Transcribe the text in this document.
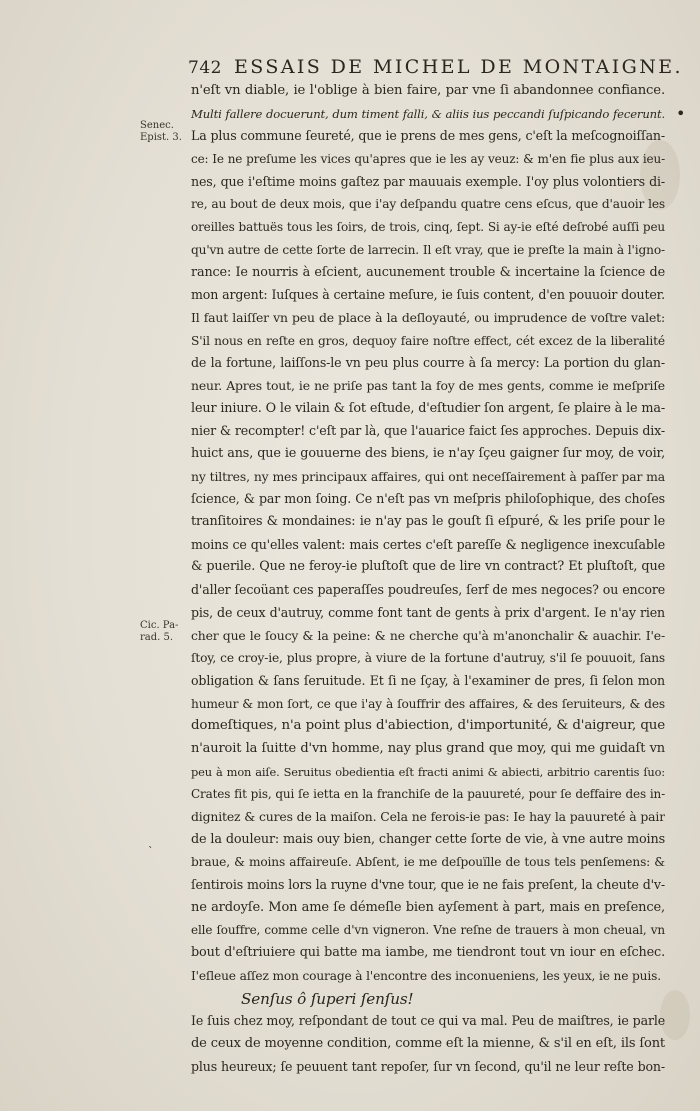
742 ESSAIS DE MICHEL DE MONTAIGNE.
Senec.
Epist. 3.
Cic. Pa-
rad. 5.
•
`
n'eſt vn diable, ie l'oblige à bien faire, par vne ſi abandonnee confiance.
Multi fallere docuerunt, dum timent falli, & aliis ius peccandi ſuſpicando fecerunt.
La plus commune ſeureté, que ie prens de mes gens, c'eſt la meſcognoiſſan-
ce: Ie ne preſume les vices qu'apres que ie les ay veuz: & m'en fie plus aux ieu-
nes, que i'eſtime moins gaſtez par mauuais exemple. I'oy plus volontiers di-
re, au bout de deux mois, que i'ay deſpandu quatre cens eſcus, que d'auoir les
oreilles battuës tous les ſoirs, de trois, cinq, ſept. Si ay-ie eſté deſrobé auſſi peu
qu'vn autre de cette ſorte de larrecin. Il eſt vray, que ie preſte la main à l'igno-
rance: Ie nourris à eſcient, aucunement trouble & incertaine la ſcience de
mon argent: Iuſques à certaine meſure, ie ſuis content, d'en pouuoir douter.
Il faut laiſſer vn peu de place à la deſloyauté, ou imprudence de voſtre valet:
S'il nous en reſte en gros, dequoy faire noſtre effect, cét excez de la liberalité
de la fortune, laiſſons-le vn peu plus courre à ſa mercy: La portion du glan-
neur. Apres tout, ie ne priſe pas tant la foy de mes gents, comme ie meſpriſe
leur iniure. O le vilain & ſot eſtude, d'eſtudier ſon argent, ſe plaire à le ma-
nier & recompter! c'eſt par là, que l'auarice faict ſes approches. Depuis dix-
huict ans, que ie gouuerne des biens, ie n'ay ſçeu gaigner ſur moy, de voir,
ny tiltres, ny mes principaux affaires, qui ont neceſſairement à paſſer par ma
ſcience, & par mon ſoing. Ce n'eſt pas vn meſpris philoſophique, des choſes
tranſitoires & mondaines: ie n'ay pas le gouſt ſi eſpuré, & les priſe pour le
moins ce qu'elles valent: mais certes c'eſt pareſſe & negligence inexcuſable
& puerile. Que ne feroy-ie pluſtoſt que de lire vn contract? Et pluſtoſt, que
d'aller ſecoüant ces paperaſſes poudreuſes, ſerf de mes negoces? ou encore
pis, de ceux d'autruy, comme font tant de gents à prix d'argent. Ie n'ay rien
cher que le ſoucy & la peine: & ne cherche qu'à m'anonchalir & auachir. I'e-
ſtoy, ce croy-ie, plus propre, à viure de la fortune d'autruy, s'il ſe pouuoit, ſans
obligation & ſans ſeruitude. Et ſi ne ſçay, à l'examiner de pres, ſi ſelon mon
humeur & mon ſort, ce que i'ay à ſouffrir des affaires, & des ſeruiteurs, & des
domeſtiques, n'a point plus d'abiection, d'importunité, & d'aigreur, que
n'auroit la ſuitte d'vn homme, nay plus grand que moy, qui me guidaſt vn
peu à mon aiſe. Seruitus obedientia eſt fracti animi & abiecti, arbitrio carentis ſuo:
Crates fit pis, qui ſe ietta en la franchiſe de la pauureté, pour ſe deffaire des in-
dignitez & cures de la maiſon. Cela ne ferois-ie pas: Ie hay la pauureté à pair
de la douleur: mais ouy bien, changer cette ſorte de vie, à vne autre moins
braue, & moins affaireuſe. Abſent, ie me deſpouïlle de tous tels penſemens: &
ſentirois moins lors la ruyne d'vne tour, que ie ne fais preſent, la cheute d'v-
ne ardoyſe. Mon ame ſe démeſle bien ayſement à part, mais en preſence,
elle ſouffre, comme celle d'vn vigneron. Vne reſne de trauers à mon cheual, vn
bout d'eſtriuiere qui batte ma iambe, me tiendront tout vn iour en eſchec.
I'eſleue aſſez mon courage à l'encontre des inconueniens, les yeux, ie ne puis.
Senſus ô ſuperi ſenſus!
Ie ſuis chez moy, reſpondant de tout ce qui va mal. Peu de maiſtres, ie parle
de ceux de moyenne condition, comme eſt la mienne, & s'il en eſt, ils ſont
plus heureux; ſe peuuent tant repoſer, ſur vn ſecond, qu'il ne leur reſte bon-
